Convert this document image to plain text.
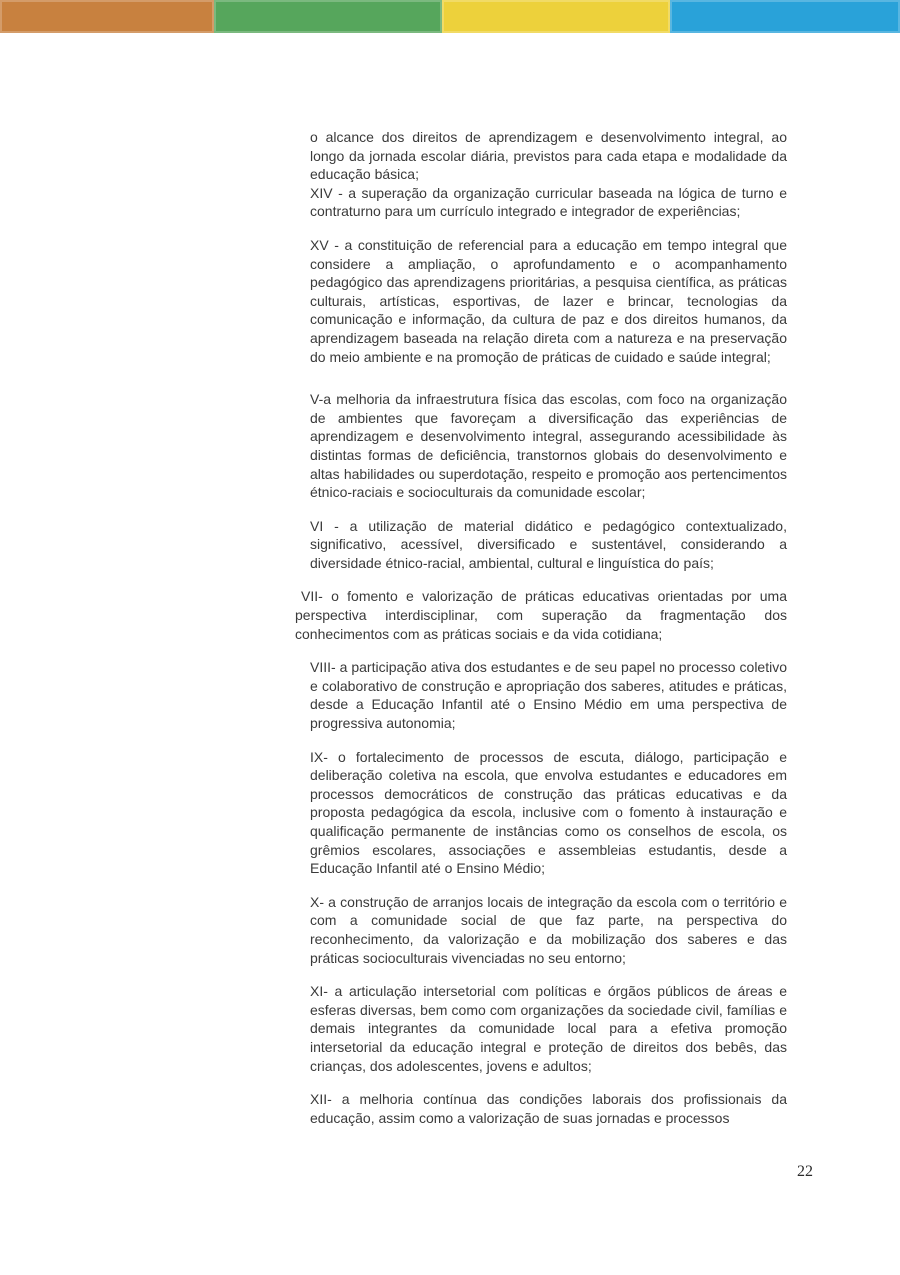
o alcance dos direitos de aprendizagem e desenvolvimento integral, ao longo da jornada escolar diária, previstos para cada etapa e modalidade da educação básica;

XIV - a superação da organização curricular baseada na lógica de turno e contraturno para um currículo integrado e integrador de experiências;

XV - a constituição de referencial para a educação em tempo integral que considere a ampliação, o aprofundamento e o acompanhamento pedagógico das aprendizagens prioritárias, a pesquisa científica, as práticas culturais, artísticas, esportivas, de lazer e brincar, tecnologias da comunicação e informação, da cultura de paz e dos direitos humanos, da aprendizagem baseada na relação direta com a natureza e na preservação do meio ambiente e na promoção de práticas de cuidado e saúde integral;

V-a melhoria da infraestrutura física das escolas, com foco na organização de ambientes que favoreçam a diversificação das experiências de aprendizagem e desenvolvimento integral, assegurando acessibilidade às distintas formas de deficiência, transtornos globais do desenvolvimento e altas habilidades ou superdotação, respeito e promoção aos pertencimentos étnico-raciais e socioculturais da comunidade escolar;

VI - a utilização de material didático e pedagógico contextualizado, significativo, acessível, diversificado e sustentável, considerando a diversidade étnico-racial, ambiental, cultural e linguística do país;

VII- o fomento e valorização de práticas educativas orientadas por uma perspectiva interdisciplinar, com superação da fragmentação dos conhecimentos com as práticas sociais e da vida cotidiana;

VIII- a participação ativa dos estudantes e de seu papel no processo coletivo e colaborativo de construção e apropriação dos saberes, atitudes e práticas, desde a Educação Infantil até o Ensino Médio em uma perspectiva de progressiva autonomia;

IX- o fortalecimento de processos de escuta, diálogo, participação e deliberação coletiva na escola, que envolva estudantes e educadores em processos democráticos de construção das práticas educativas e da proposta pedagógica da escola, inclusive com o fomento à instauração e qualificação permanente de instâncias como os conselhos de escola, os grêmios escolares, associações e assembleias estudantis, desde a Educação Infantil até o Ensino Médio;

X- a construção de arranjos locais de integração da escola com o território e com a comunidade social de que faz parte, na perspectiva do reconhecimento, da valorização e da mobilização dos saberes e das práticas socioculturais vivenciadas no seu entorno;

XI- a articulação intersetorial com políticas e órgãos públicos de áreas e esferas diversas, bem como com organizações da sociedade civil, famílias e demais integrantes da comunidade local para a efetiva promoção intersetorial da educação integral e proteção de direitos dos bebês, das crianças, dos adolescentes, jovens e adultos;

XII- a melhoria contínua das condições laborais dos profissionais da educação, assim como a valorização de suas jornadas e processos

22
